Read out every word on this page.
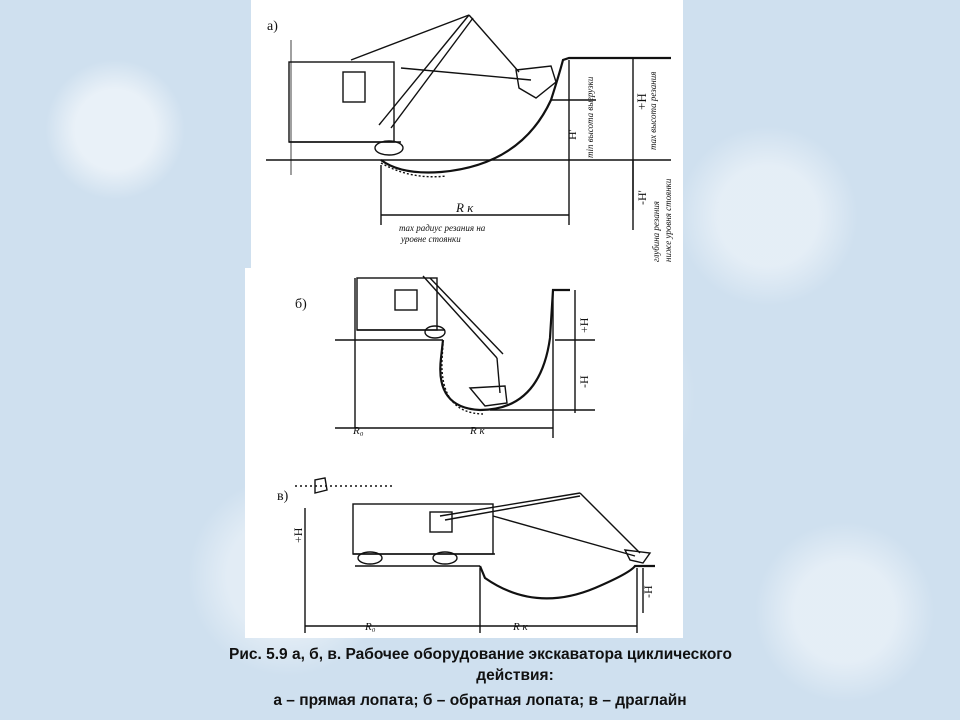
а)
+H
H'
-H'
max высота резания
min высота выгрузки
R к
max радиус резания на
уровне стоянки	глубина резания ниже уровня стоянки
б)
+H
-H
R₀	R к
в)
+H
-H
R₀	R к
Рис. 5.9 а, б, в. Рабочее оборудование экскаватора циклического
действия:
а – прямая лопата; б – обратная лопата; в – драглайн
